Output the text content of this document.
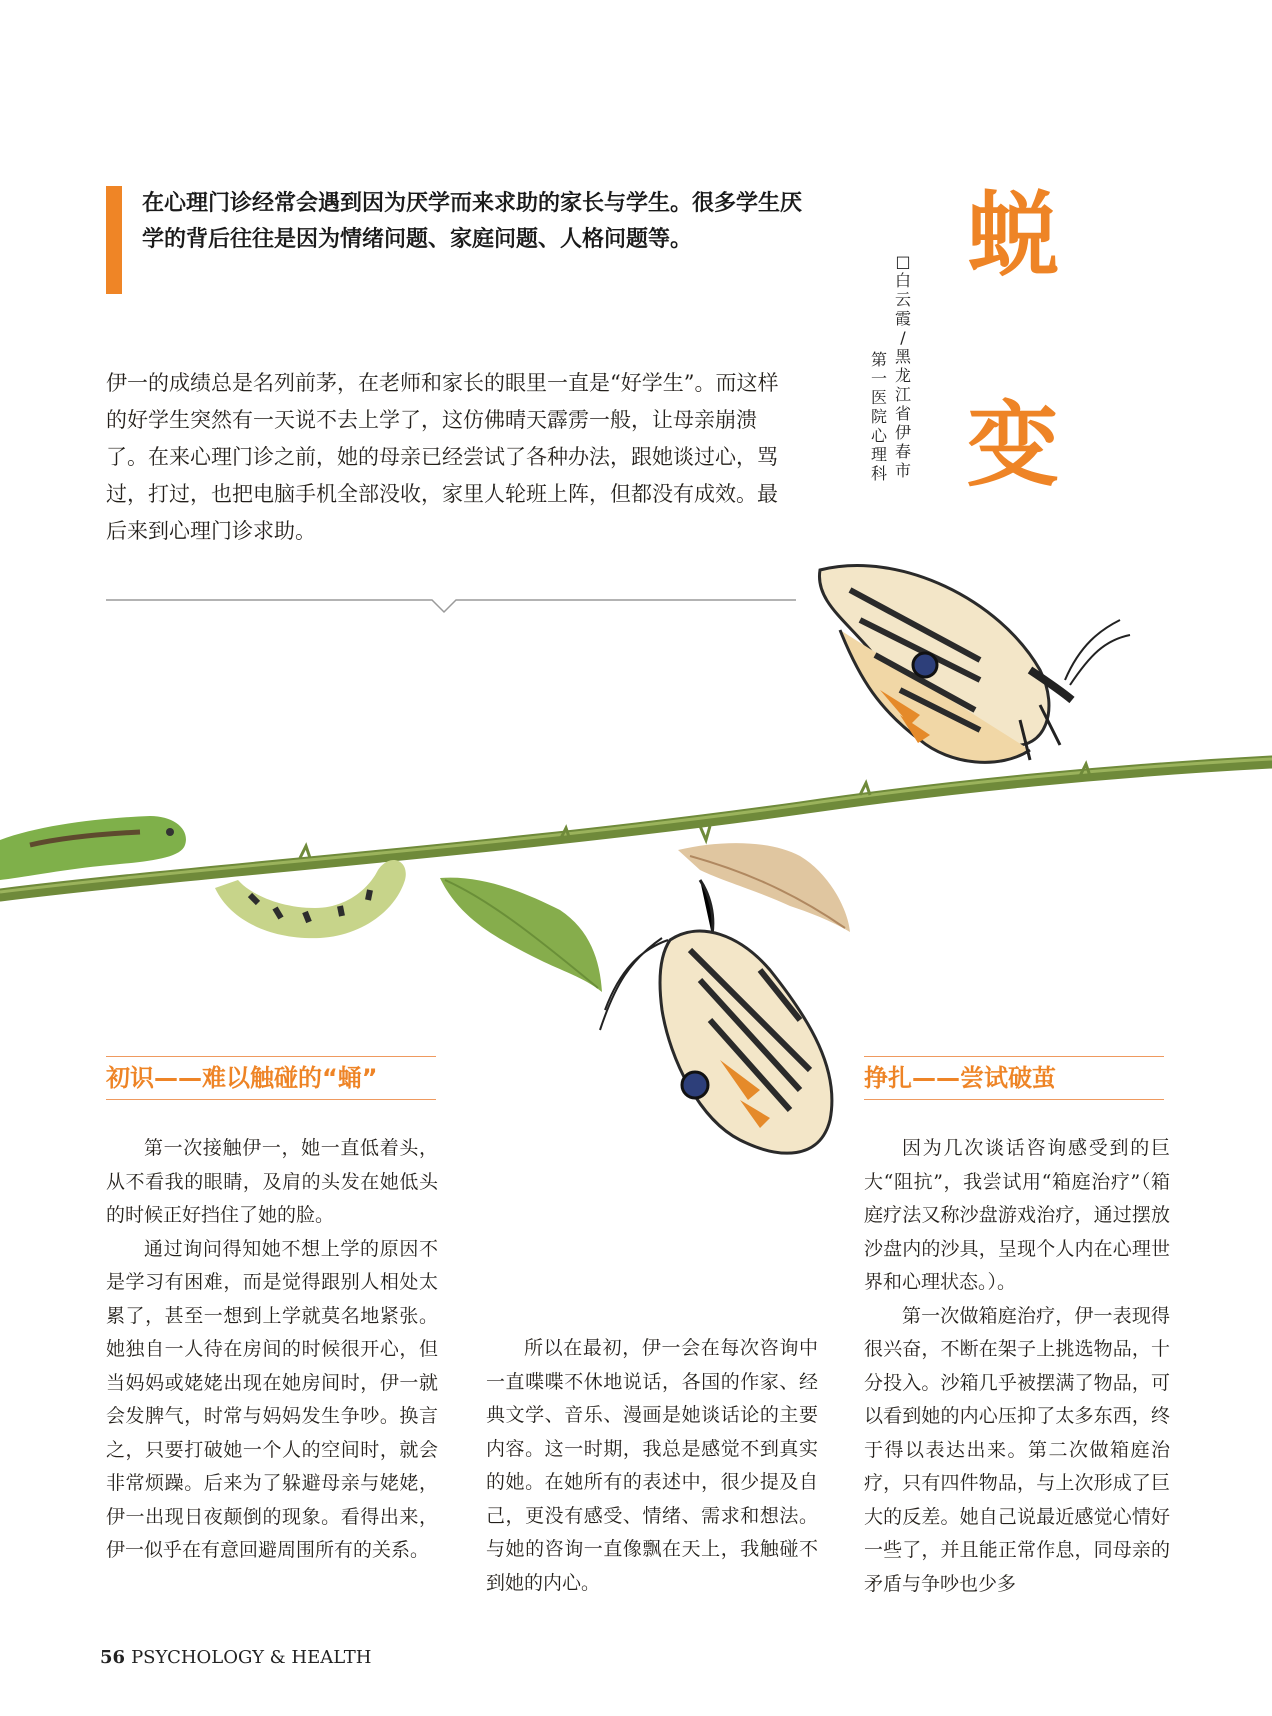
在心理门诊经常会遇到因为厌学而来求助的家长与学生。很多学生厌学的背后往往是因为情绪问题、家庭问题、人格问题等。	蜕
变
□
白
云
霞
/
黑
龙
江
省
伊
春
市
第
一
医
院
心
理
科
伊一的成绩总是名列前茅，在老师和家长的眼里一直是“好学生”。而这样的好学生突然有一天说不去上学了，这仿佛晴天霹雳一般，让母亲崩溃了。在来心理门诊之前，她的母亲已经尝试了各种办法，跟她谈过心，骂过，打过，也把电脑手机全部没收，家里人轮班上阵，但都没有成效。最后来到心理门诊求助。
初识——难以触碰的“蛹”

第一次接触伊一，她一直低着头，从不看我的眼睛，及肩的头发在她低头的时候正好挡住了她的脸。

通过询问得知她不想上学的原因不是学习有困难，而是觉得跟别人相处太累了，甚至一想到上学就莫名地紧张。她独自一人待在房间的时候很开心，但当妈妈或姥姥出现在她房间时，伊一就会发脾气，时常与妈妈发生争吵。换言之，只要打破她一个人的空间时，就会非常烦躁。后来为了躲避母亲与姥姥，伊一出现日夜颠倒的现象。看得出来，伊一似乎在有意回避周围所有的关系。

所以在最初，伊一会在每次咨询中一直喋喋不休地说话，各国的作家、经典文学、音乐、漫画是她谈话论的主要内容。这一时期，我总是感觉不到真实的她。在她所有的表述中，很少提及自己，更没有感受、情绪、需求和想法。与她的咨询一直像飘在天上，我触碰不到她的内心。

挣扎——尝试破茧

因为几次谈话咨询感受到的巨大“阻抗”，我尝试用“箱庭治疗”（箱庭疗法又称沙盘游戏治疗，通过摆放沙盘内的沙具，呈现个人内在心理世界和心理状态。）。

第一次做箱庭治疗，伊一表现得很兴奋，不断在架子上挑选物品，十分投入。沙箱几乎被摆满了物品，可以看到她的内心压抑了太多东西，终于得以表达出来。第二次做箱庭治疗，只有四件物品，与上次形成了巨大的反差。她自己说最近感觉心情好一些了，并且能正常作息，同母亲的矛盾与争吵也少多

56 PSYCHOLOGY & HEALTH
